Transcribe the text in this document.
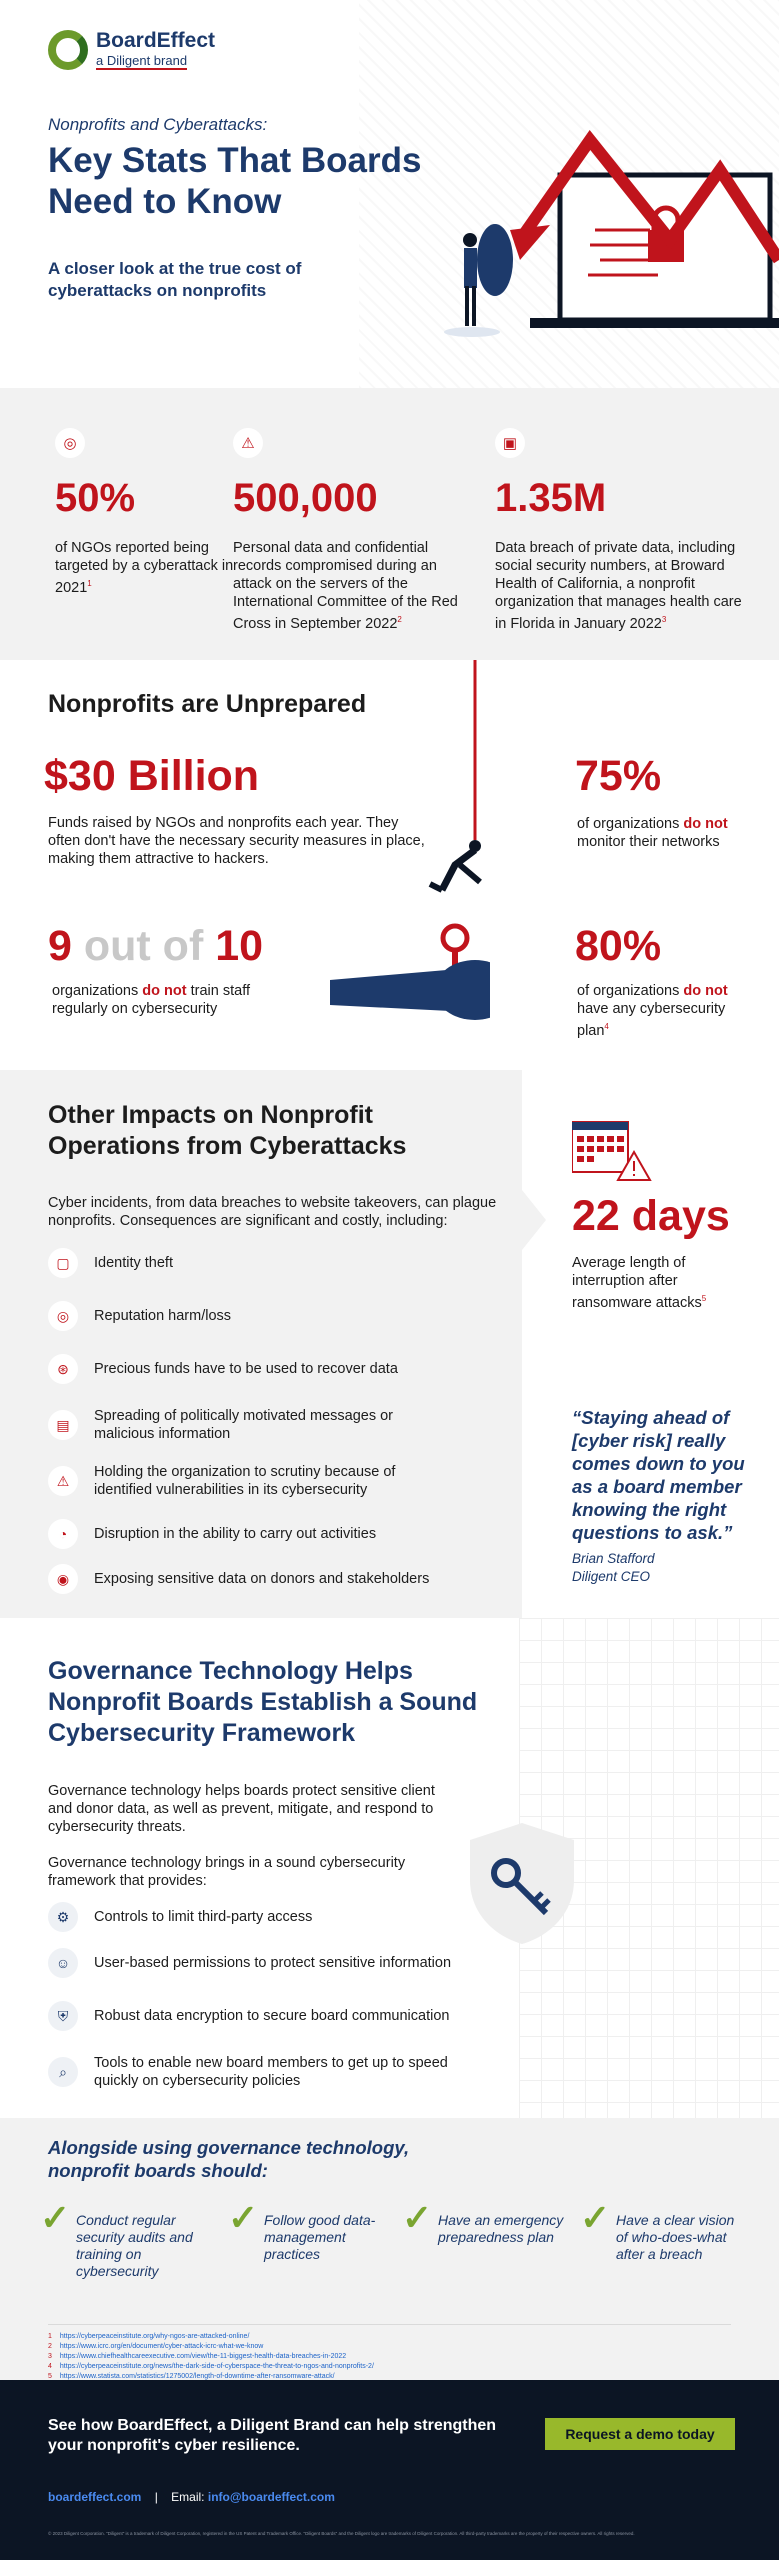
BoardEffect
a Diligent brand
Nonprofits and Cyberattacks:
Key Stats That Boards Need to Know
A closer look at the true cost of cyberattacks on nonprofits
◎
50%
of NGOs reported being targeted by a cyberattack in 2021$^1$
⚠
500,000
Personal data and confidential records compromised during an attack on the servers of the International Committee of the Red Cross in September 2022$^2$
▣
1.35M
Data breach of private data, including social security numbers, at Broward Health of California, a nonprofit organization that manages health care in Florida in January 2022$^3$
Nonprofits are Unprepared
$30 Billion
Funds raised by NGOs and nonprofits each year. They often don't have the necessary security measures in place, making them attractive to hackers.
9 out of 10
organizations do not train staff regularly on cybersecurity
75%
of organizations do not monitor their networks
80%
of organizations do not have any cybersecurity plan$^4$
Other Impacts on Nonprofit Operations from Cyberattacks
Cyber incidents, from data breaches to website takeovers, can plague nonprofits. Consequences are significant and costly, including:
▢	Identity theft
◎	Reputation harm/loss
⊛	Precious funds have to be used to recover data
▤
Spreading of politically motivated messages or malicious information
⚠
Holding the organization to scrutiny because of identified vulnerabilities in its cybersecurity
◔	Disruption in the ability to carry out activities
◉	Exposing sensitive data on donors and stakeholders
22 days
Average length of interruption after ransomware attacks$^5$
“Staying ahead of [cyber risk] really comes down to you as a board member knowing the right questions to ask.”
Brian Stafford
Diligent CEO
Governance Technology Helps Nonprofit Boards Establish a Sound Cybersecurity Framework
Governance technology helps boards protect sensitive client and donor data, as well as prevent, mitigate, and respond to cybersecurity threats.
Governance technology brings in a sound cybersecurity framework that provides:
⚙	Controls to limit third-party access
☺	User-based permissions to protect sensitive information
⛨	Robust data encryption to secure board communication
⌕
Tools to enable new board members to get up to speed quickly on cybersecurity policies
Alongside using governance technology, nonprofit boards should:
✓ Conduct regular security audits and training on cybersecurity
✓ Follow good data-management practices
✓ Have an emergency preparedness plan ✓ Have a clear vision of who-does-what after a breach
1 https://cyberpeaceinstitute.org/why-ngos-are-attacked-online/
2 https://www.icrc.org/en/document/cyber-attack-icrc-what-we-know
3 https://www.chiefhealthcareexecutive.com/view/the-11-biggest-health-data-breaches-in-2022
4 https://cyberpeaceinstitute.org/news/the-dark-side-of-cyberspace-the-threat-to-ngos-and-nonprofits-2/
5 https://www.statista.com/statistics/1275002/length-of-downtime-after-ransomware-attack/
See how BoardEffect, a Diligent Brand can help strengthen your nonprofit's cyber resilience.
Request a demo today
boardeffect.com | Email: info@boardeffect.com
© 2023 Diligent Corporation. "Diligent" is a trademark of Diligent Corporation, registered in the US Patent and Trademark Office. "Diligent Boards" and the Diligent logo are trademarks of Diligent Corporation. All third-party trademarks are the property of their respective owners. All rights reserved.
